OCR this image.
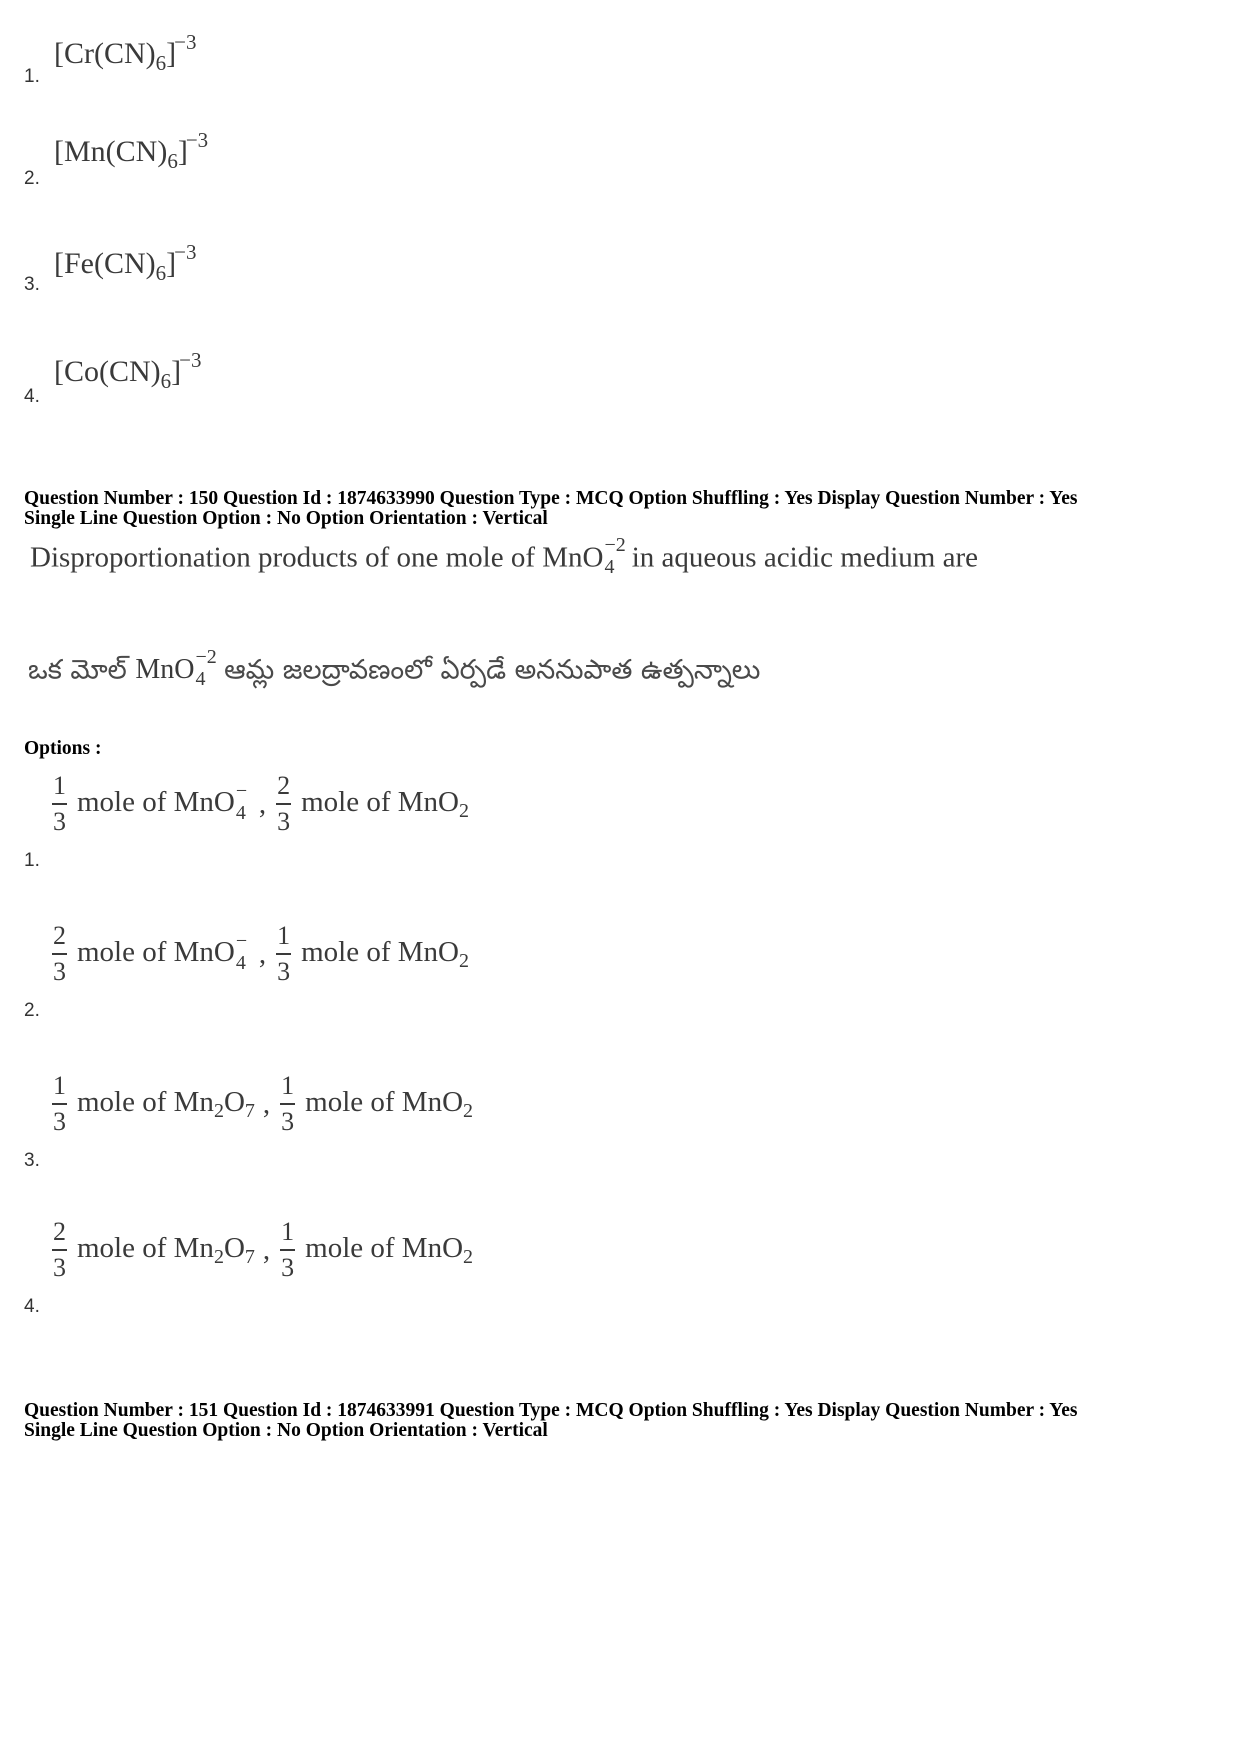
1.
$[Cr(CN)_6]^{-3}$
2.
$[Mn(CN)_6]^{-3}$
3.
$[Fe(CN)_6]^{-3}$
4.
$[Co(CN)_6]^{-3}$
Question Number : 150 Question Id : 1874633990 Question Type : MCQ Option Shuffling : Yes Display Question Number : Yes
Single Line Question Option : No Option Orientation : Vertical
Disproportionation products of one mole of MnO −2
4 in aqueous acidic medium are
ఒక మోల్ MnO −2
4 ఆమ్ల జలద్రావణంలో ఏర్పడే అననుపాత ఉత్పన్నాలు
Options :
$\frac{1}{3}$ mole of MnO −
4 , $\frac{2}{3}$ mole of MnO$_2$
1.
$\frac{2}{3}$ mole of MnO −
4 , $\frac{1}{3}$ mole of MnO$_2$
2.
$\frac{1}{3}$ mole of $Mn_2O_7$ , $\frac{1}{3}$ mole of MnO$_2$
3.
$\frac{2}{3}$ mole of $Mn_2O_7$ , $\frac{1}{3}$ mole of MnO$_2$
4.
Question Number : 151 Question Id : 1874633991 Question Type : MCQ Option Shuffling : Yes Display Question Number : Yes
Single Line Question Option : No Option Orientation : Vertical
